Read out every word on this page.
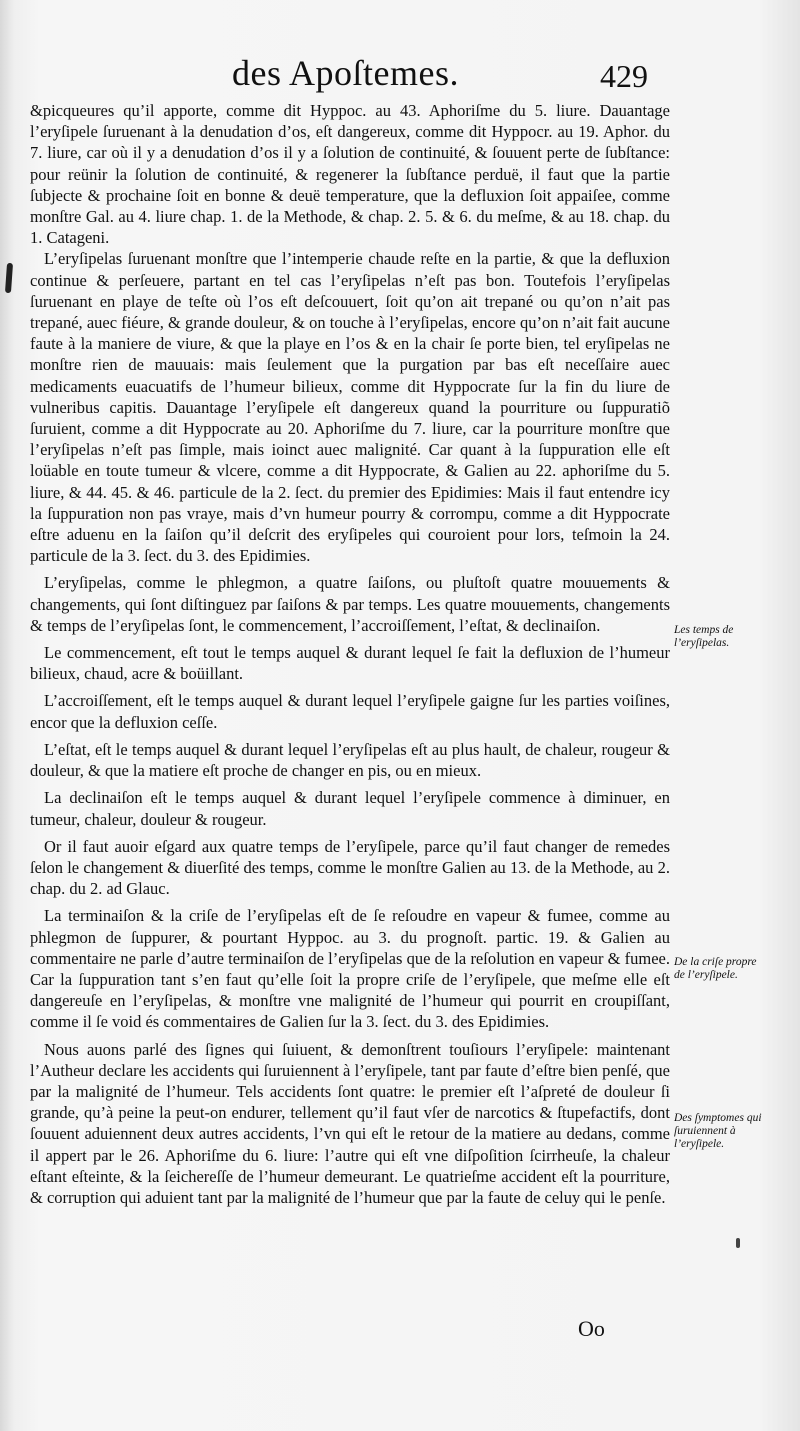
des Apoſtemes.	429

&picqueures qu’il apporte, comme dit Hyppoc. au 43. Aphoriſme du 5. liure. Dauantage l’eryſipele ſuruenant à la denudation d’os, eſt dangereux, comme dit Hyppocr. au 19. Aphor. du 7. liure, car où il y a denudation d’os il y a ſolution de continuité, & ſouuent perte de ſubſtance: pour reünir la ſolution de continuité, & regenerer la ſubſtance perduë, il faut que la partie ſubjecte & prochaine ſoit en bonne & deuë temperature, que la defluxion ſoit appaiſee, comme monſtre Gal. au 4. liure chap. 1. de la Methode, & chap. 2. 5. & 6. du meſme, & au 18. chap. du 1. Catageni.

L’eryſipelas ſuruenant monſtre que l’intemperie chaude reſte en la partie, & que la defluxion continue & perſeuere, partant en tel cas l’eryſipelas n’eſt pas bon. Toutefois l’eryſipelas ſuruenant en playe de teſte où l’os eſt deſcouuert, ſoit qu’on ait trepané ou qu’on n’ait pas trepané, auec fiéure, & grande douleur, & on touche à l’eryſipelas, encore qu’on n’ait fait aucune faute à la maniere de viure, & que la playe en l’os & en la chair ſe porte bien, tel eryſipelas ne monſtre rien de mauuais: mais ſeulement que la purgation par bas eſt neceſſaire auec medicaments euacuatifs de l’humeur bilieux, comme dit Hyppocrate ſur la fin du liure de vulneribus capitis. Dauantage l’eryſipele eſt dangereux quand la pourriture ou ſuppuratiõ ſuruient, comme a dit Hyppocrate au 20. Aphoriſme du 7. liure, car la pourriture monſtre que l’eryſipelas n’eſt pas ſimple, mais ioinct auec malignité. Car quant à la ſuppuration elle eſt loüable en toute tumeur & vlcere, comme a dit Hyppocrate, & Galien au 22. aphoriſme du 5. liure, & 44. 45. & 46. particule de la 2. ſect. du premier des Epidimies: Mais il faut entendre icy la ſuppuration non pas vraye, mais d’vn humeur pourry & corrompu, comme a dit Hyppocrate eſtre aduenu en la ſaiſon qu’il deſcrit des eryſipeles qui couroient pour lors, teſmoin la 24. particule de la 3. ſect. du 3. des Epidimies.

L’eryſipelas, comme le phlegmon, a quatre ſaiſons, ou pluſtoſt quatre mouuements & changements, qui ſont diſtinguez par ſaiſons & par temps. Les quatre mouuements, changements & temps de l’eryſipelas ſont, le commencement, l’accroiſſement, l’eſtat, & declinaiſon.

Le commencement, eſt tout le temps auquel & durant lequel ſe fait la defluxion de l’humeur bilieux, chaud, acre & boüillant.

L’accroiſſement, eſt le temps auquel & durant lequel l’eryſipele gaigne ſur les parties voiſines, encor que la defluxion ceſſe.

L’eſtat, eſt le temps auquel & durant lequel l’eryſipelas eſt au plus hault, de chaleur, rougeur & douleur, & que la matiere eſt proche de changer en pis, ou en mieux.

La declinaiſon eſt le temps auquel & durant lequel l’eryſipele commence à diminuer, en tumeur, chaleur, douleur & rougeur.

Or il faut auoir eſgard aux quatre temps de l’eryſipele, parce qu’il faut changer de remedes ſelon le changement & diuerſité des temps, comme le monſtre Galien au 13. de la Methode, au 2. chap. du 2. ad Glauc.

La terminaiſon & la criſe de l’eryſipelas eſt de ſe reſoudre en vapeur & fumee, comme au phlegmon de ſuppurer, & pourtant Hyppoc. au 3. du prognoſt. partic. 19. & Galien au commentaire ne parle d’autre terminaiſon de l’eryſipelas que de la reſolution en vapeur & fumee. Car la ſuppuration tant s’en faut qu’elle ſoit la propre criſe de l’eryſipele, que meſme elle eſt dangereuſe en l’eryſipelas, & monſtre vne malignité de l’humeur qui pourrit en croupiſſant, comme il ſe void és commentaires de Galien ſur la 3. ſect. du 3. des Epidimies.

Nous auons parlé des ſignes qui ſuiuent, & demonſtrent touſiours l’eryſipele: maintenant l’Autheur declare les accidents qui ſuruiennent à l’eryſipele, tant par faute d’eſtre bien penſé, que par la malignité de l’humeur. Tels accidents ſont quatre: le premier eſt l’aſpreté de douleur ſi grande, qu’à peine la peut-on endurer, tellement qu’il faut vſer de narcotics & ſtupefactifs, dont ſouuent aduiennent deux autres accidents, l’vn qui eſt le retour de la matiere au dedans, comme il appert par le 26. Aphoriſme du 6. liure: l’autre qui eſt vne diſpoſition ſcirrheuſe, la chaleur eſtant eſteinte, & la ſeichereſſe de l’humeur demeurant. Le quatrieſme accident eſt la pourriture, & corruption qui aduient tant par la malignité de l’humeur que par la faute de celuy qui le penſe.

Les temps de l’eryſipelas.
De la criſe propre de l’eryſipele.
Des ſymptomes qui ſuruiennent à l’eryſipele.
Oo
